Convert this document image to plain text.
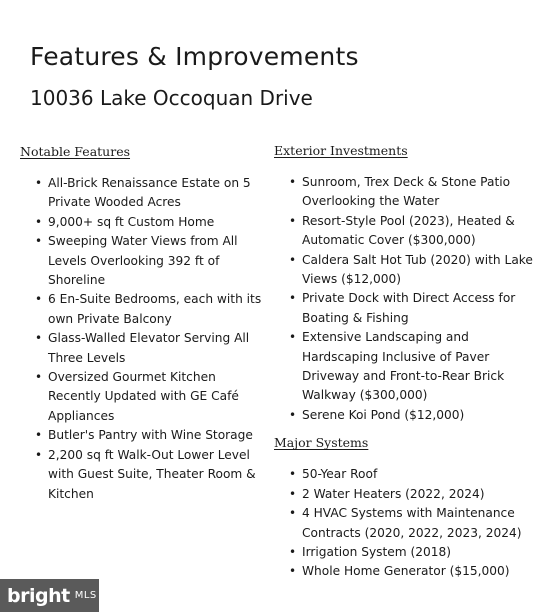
Features & Improvements
10036 Lake Occoquan Drive
Notable Features
• All-Brick Renaissance Estate on 5 Private Wooded Acres
• 9,000+ sq ft Custom Home
• Sweeping Water Views from All Levels Overlooking 392 ft of Shoreline
• 6 En-Suite Bedrooms, each with its own Private Balcony
• Glass-Walled Elevator Serving All Three Levels
• Oversized Gourmet Kitchen Recently Updated with GE Café Appliances
• Butler's Pantry with Wine Storage
• 2,200 sq ft Walk-Out Lower Level with Guest Suite, Theater Room & Kitchen
Exterior Investments
• Sunroom, Trex Deck & Stone Patio Overlooking the Water
• Resort-Style Pool (2023), Heated & Automatic Cover ($300,000)
• Caldera Salt Hot Tub (2020) with Lake Views ($12,000)
• Private Dock with Direct Access for Boating & Fishing
• Extensive Landscaping and Hardscaping Inclusive of Paver Driveway and Front-to-Rear Brick Walkway ($300,000)
• Serene Koi Pond ($12,000)
Major Systems
• 50-Year Roof
• 2 Water Heaters (2022, 2024)
• 4 HVAC Systems with Maintenance Contracts (2020, 2022, 2023, 2024)
• Irrigation System (2018)
• Whole Home Generator ($15,000)
bright MLS
